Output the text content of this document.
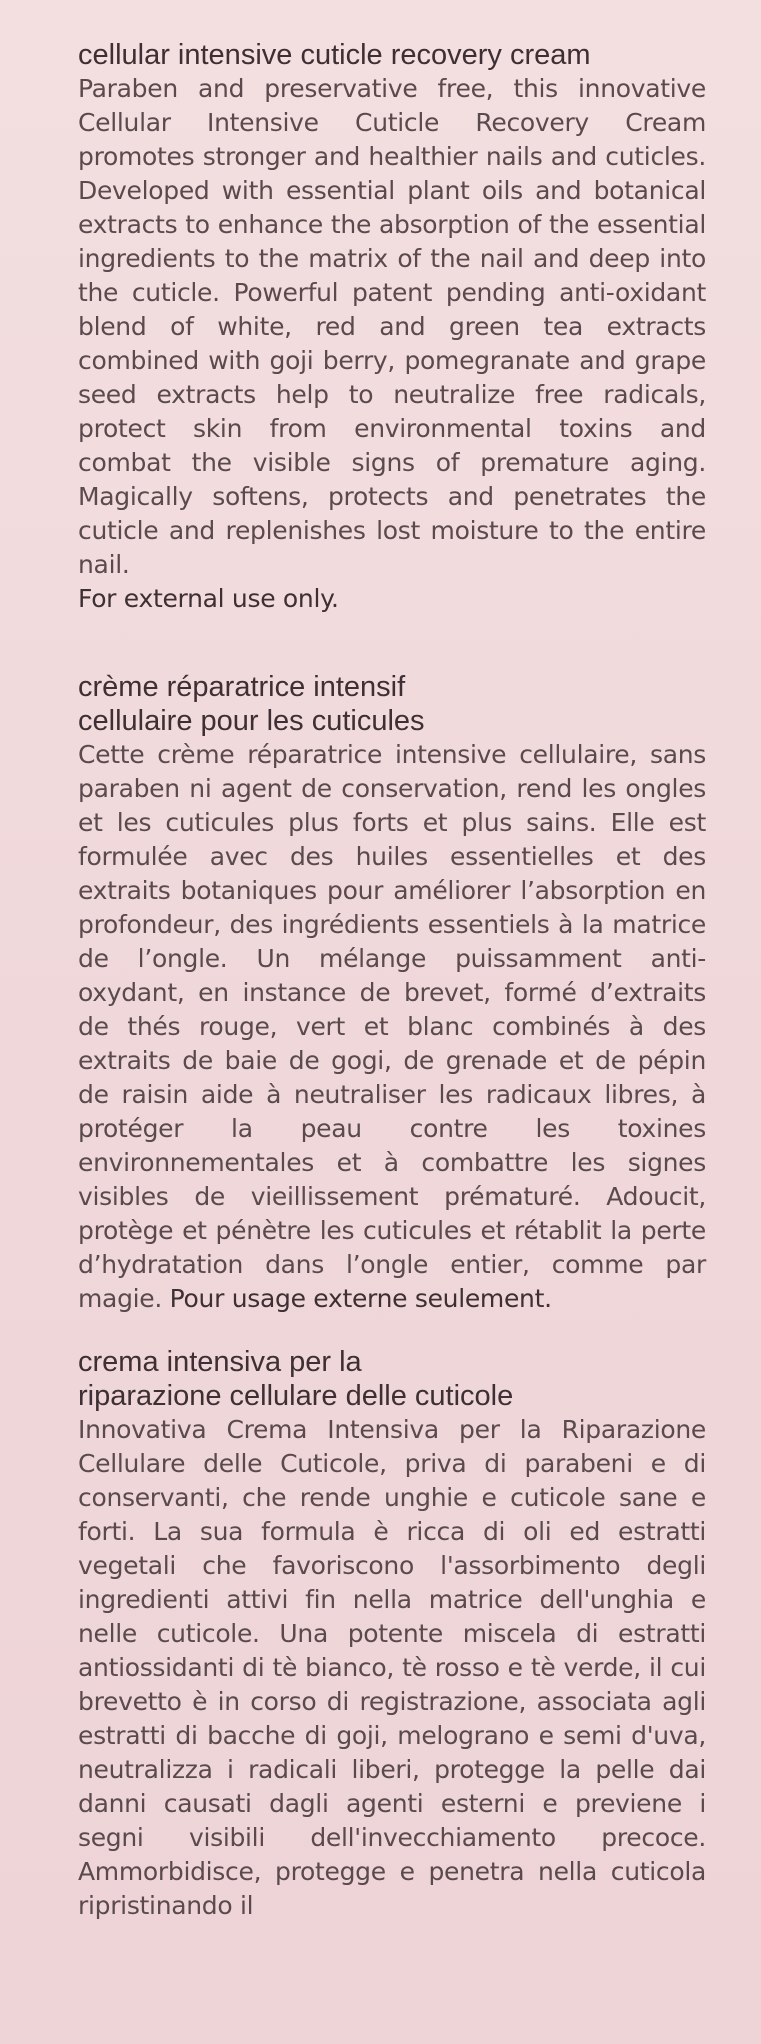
cellular intensive cuticle recovery cream

Paraben and preservative free, this innovative Cellular Intensive Cuticle Recovery Cream promotes stronger and healthier nails and cuticles. Developed with essential plant oils and botanical extracts to enhance the absorption of the essential ingredients to the matrix of the nail and deep into the cuticle. Powerful patent pending anti-oxidant blend of white, red and green tea extracts combined with goji berry, pomegranate and grape seed extracts help to neutralize free radicals, protect skin from environmental toxins and combat the visible signs of premature aging. Magically softens, protects and penetrates the cuticle and replenishes lost moisture to the entire nail.

For external use only.

crème réparatrice intensif
cellulaire pour les cuticules

Cette crème réparatrice intensive cellulaire, sans paraben ni agent de conservation, rend les ongles et les cuticules plus forts et plus sains. Elle est formulée avec des huiles essentielles et des extraits botaniques pour améliorer l’absorption en profondeur, des ingrédients essentiels à la matrice de l’ongle. Un mélange puissamment anti-oxydant, en instance de brevet, formé d’extraits de thés rouge, vert et blanc combinés à des extraits de baie de gogi, de grenade et de pépin de raisin aide à neutraliser les radicaux libres, à protéger la peau contre les toxines environnementales et à combattre les signes visibles de vieillissement prématuré. Adoucit, protège et pénètre les cuticules et rétablit la perte d’hydratation dans l’ongle entier, comme par magie. Pour usage externe seulement.

crema intensiva per la
riparazione cellulare delle cuticole

Innovativa Crema Intensiva per la Riparazione Cellulare delle Cuticole, priva di parabeni e di conservanti, che rende unghie e cuticole sane e forti. La sua formula è ricca di oli ed estratti vegetali che favoriscono l'assorbimento degli ingredienti attivi fin nella matrice dell'unghia e nelle cuticole. Una potente miscela di estratti antiossidanti di tè bianco, tè rosso e tè verde, il cui brevetto è in corso di registrazione, associata agli estratti di bacche di goji, melograno e semi d'uva, neutralizza i radicali liberi, protegge la pelle dai danni causati dagli agenti esterni e previene i segni visibili dell'invecchiamento precoce. Ammorbidisce, protegge e penetra nella cuticola ripristinando il
